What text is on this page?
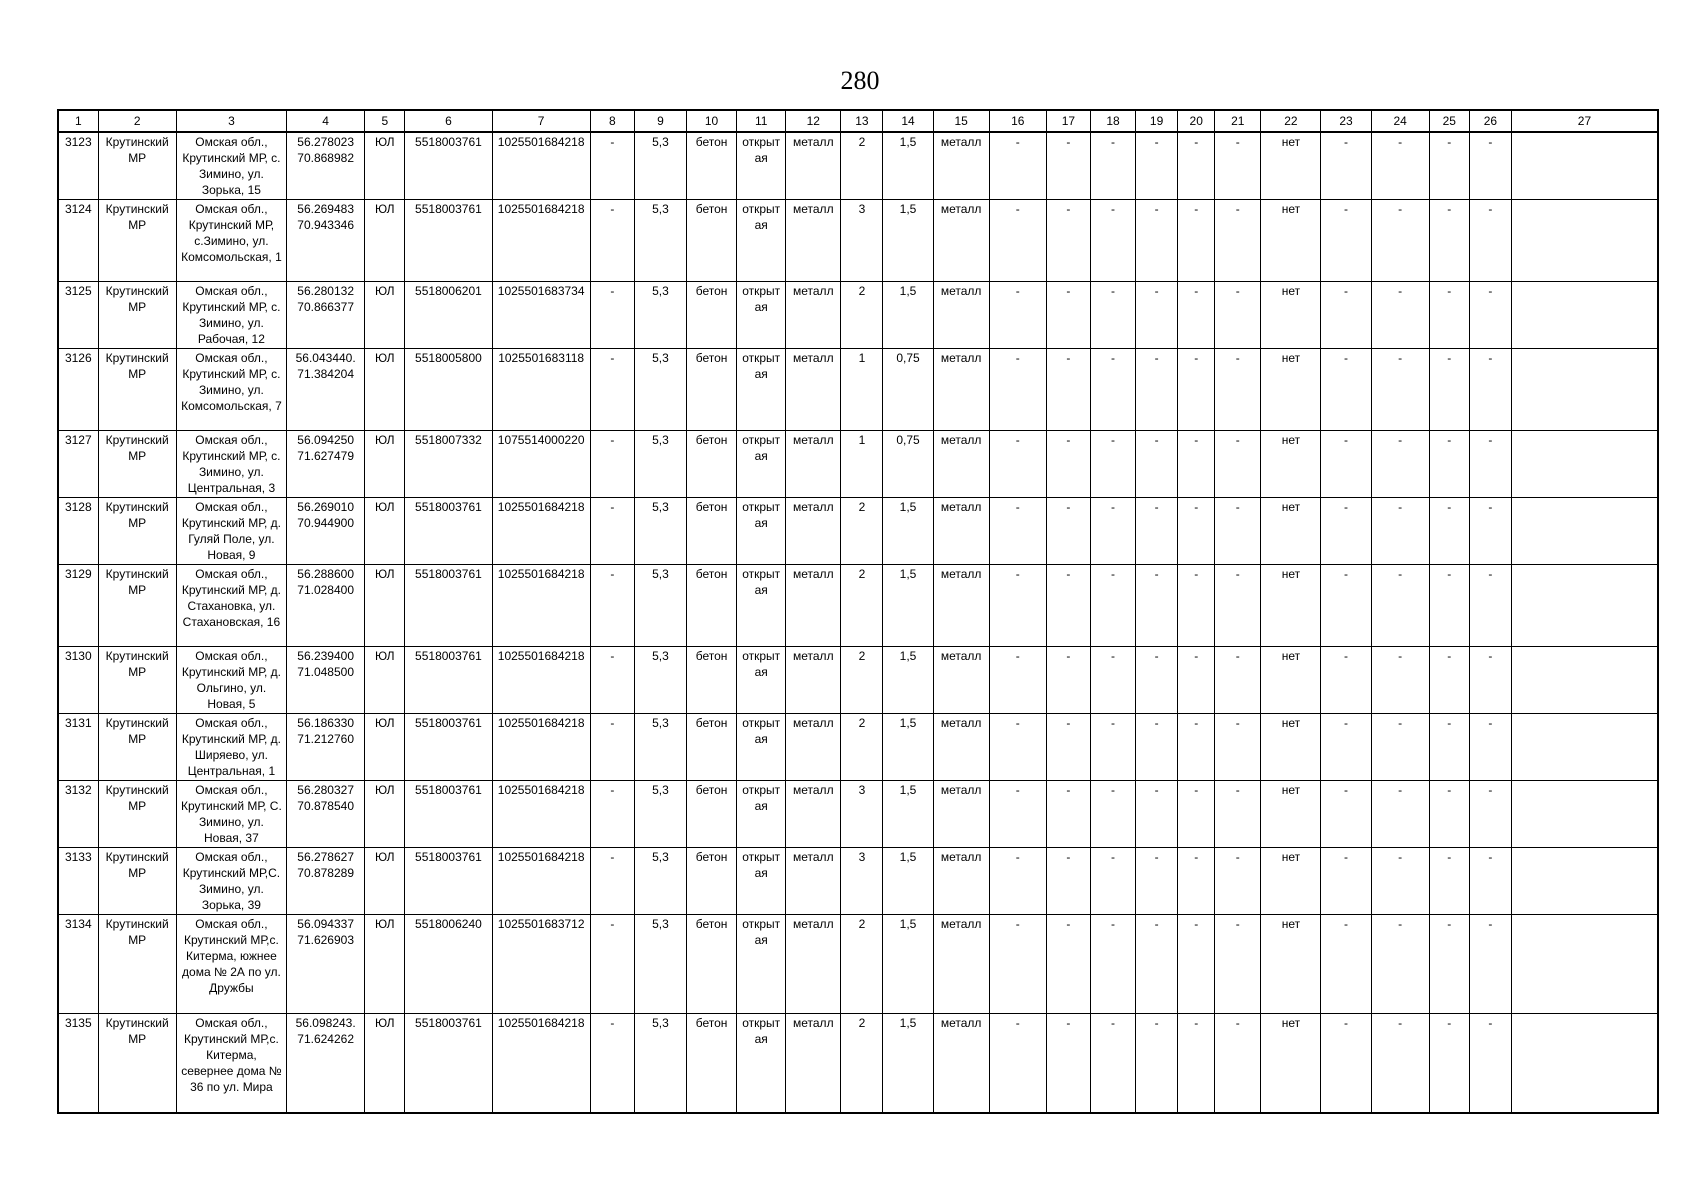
280
1	2	3	4	5	6	7	8	9	10	11	12	13	14	15	16	17	18	19	20	21	22	23	24	25	26	27
3123	Крутинский МР	Омская обл., Крутинский МР, с. Зимино, ул. Зорька, 15	56.278023 70.868982	ЮЛ	5518003761	1025501684218	-	5,3	бетон	открытая	металл	2	1,5	металл	-	-	-	-	-	-	нет	-	-	-	-	
3124	Крутинский МР	Омская обл., Крутинский МР, с.Зимино, ул. Комсомольская, 1	56.269483 70.943346	ЮЛ	5518003761	1025501684218	-	5,3	бетон	открытая	металл	3	1,5	металл	-	-	-	-	-	-	нет	-	-	-	-	
3125	Крутинский МР	Омская обл., Крутинский МР, с. Зимино, ул. Рабочая, 12	56.280132 70.866377	ЮЛ	5518006201	1025501683734	-	5,3	бетон	открытая	металл	2	1,5	металл	-	-	-	-	-	-	нет	-	-	-	-	
3126	Крутинский МР	Омская обл., Крутинский МР, с. Зимино, ул. Комсомольская, 7	56.043440. 71.384204	ЮЛ	5518005800	1025501683118	-	5,3	бетон	открытая	металл	1	0,75	металл	-	-	-	-	-	-	нет	-	-	-	-	
3127	Крутинский МР	Омская обл., Крутинский МР, с. Зимино, ул. Центральная, 3	56.094250 71.627479	ЮЛ	5518007332	1075514000220	-	5,3	бетон	открытая	металл	1	0,75	металл	-	-	-	-	-	-	нет	-	-	-	-	
3128	Крутинский МР	Омская обл., Крутинский МР, д. Гуляй Поле, ул. Новая, 9	56.269010 70.944900	ЮЛ	5518003761	1025501684218	-	5,3	бетон	открытая	металл	2	1,5	металл	-	-	-	-	-	-	нет	-	-	-	-	
3129	Крутинский МР	Омская обл., Крутинский МР, д. Стахановка, ул. Стахановская, 16	56.288600 71.028400	ЮЛ	5518003761	1025501684218	-	5,3	бетон	открытая	металл	2	1,5	металл	-	-	-	-	-	-	нет	-	-	-	-	
3130	Крутинский МР	Омская обл., Крутинский МР, д. Ольгино, ул. Новая, 5	56.239400 71.048500	ЮЛ	5518003761	1025501684218	-	5,3	бетон	открытая	металл	2	1,5	металл	-	-	-	-	-	-	нет	-	-	-	-	
3131	Крутинский МР	Омская обл., Крутинский МР, д. Ширяево, ул. Центральная, 1	56.186330 71.212760	ЮЛ	5518003761	1025501684218	-	5,3	бетон	открытая	металл	2	1,5	металл	-	-	-	-	-	-	нет	-	-	-	-	
3132	Крутинский МР	Омская обл., Крутинский МР, С. Зимино, ул. Новая, 37	56.280327 70.878540	ЮЛ	5518003761	1025501684218	-	5,3	бетон	открытая	металл	3	1,5	металл	-	-	-	-	-	-	нет	-	-	-	-	
3133	Крутинский МР	Омская обл., Крутинский МР,С. Зимино, ул. Зорька, 39	56.278627 70.878289	ЮЛ	5518003761	1025501684218	-	5,3	бетон	открытая	металл	3	1,5	металл	-	-	-	-	-	-	нет	-	-	-	-	
3134	Крутинский МР	Омская обл., Крутинский МР,с. Китерма, южнее дома № 2А по ул. Дружбы	56.094337 71.626903	ЮЛ	5518006240	1025501683712	-	5,3	бетон	открытая	металл	2	1,5	металл	-	-	-	-	-	-	нет	-	-	-	-	
3135	Крутинский МР	Омская обл., Крутинский МР,с. Китерма, севернее дома № 36 по ул. Мира	56.098243. 71.624262	ЮЛ	5518003761	1025501684218	-	5,3	бетон	открытая	металл	2	1,5	металл	-	-	-	-	-	-	нет	-	-	-	-	
